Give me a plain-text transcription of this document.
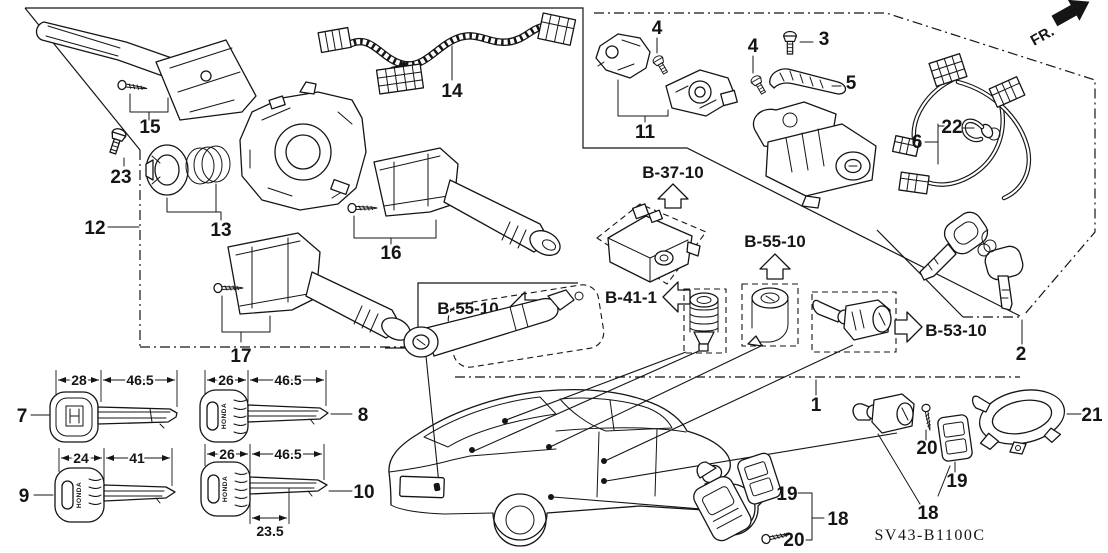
15
23
13
12
14
16
17
11
4
4	3
5
6
22
2
1
B-37-10
B-55-10
B-41-1
B-55-10
B-53-10
28	46.5
7	HONDA
26	46.5
8
HONDA
24	41
9	HONDA
26	46.5
23.5
10	19
18
20
20
19
18
21
FR.
SV43-B1100C
